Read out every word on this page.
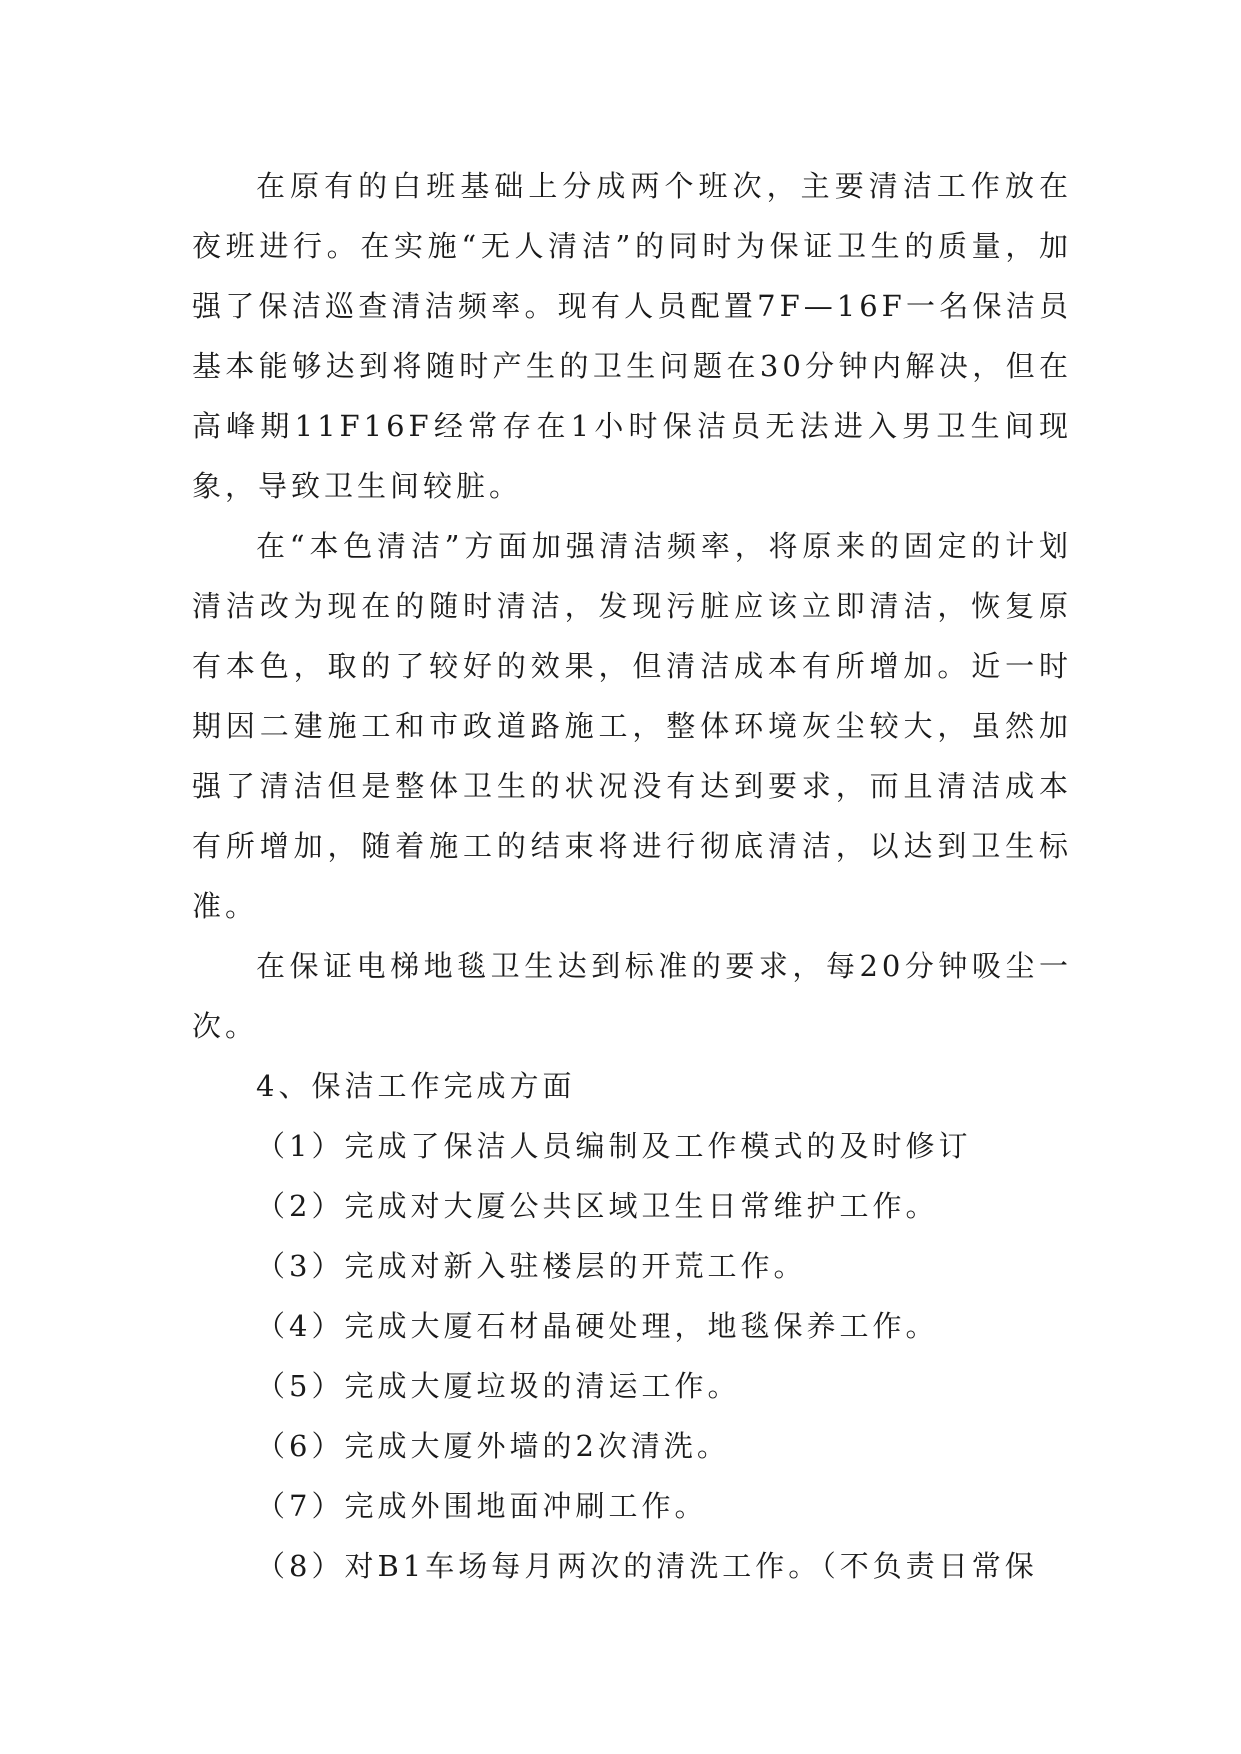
在原有的白班基础上分成两个班次，主要清洁工作放在夜班进行。在实施“无人清洁”的同时为保证卫生的质量，加强了保洁巡查清洁频率。现有人员配置7F—16F一名保洁员基本能够达到将随时产生的卫生问题在30分钟内解决，但在高峰期11F16F经常存在1小时保洁员无法进入男卫生间现象，导致卫生间较脏。

在“本色清洁”方面加强清洁频率，将原来的固定的计划清洁改为现在的随时清洁，发现污脏应该立即清洁，恢复原有本色，取的了较好的效果，但清洁成本有所增加。近一时期因二建施工和市政道路施工，整体环境灰尘较大，虽然加强了清洁但是整体卫生的状况没有达到要求，而且清洁成本有所增加，随着施工的结束将进行彻底清洁，以达到卫生标准。

在保证电梯地毯卫生达到标准的要求，每20分钟吸尘一次。

4、保洁工作完成方面

（1）完成了保洁人员编制及工作模式的及时修订

（2）完成对大厦公共区域卫生日常维护工作。

（3）完成对新入驻楼层的开荒工作。

（4）完成大厦石材晶硬处理，地毯保养工作。

（5）完成大厦垃圾的清运工作。

（6）完成大厦外墙的2次清洗。

（7）完成外围地面冲刷工作。

（8）对B1车场每月两次的清洗工作。（不负责日常保
